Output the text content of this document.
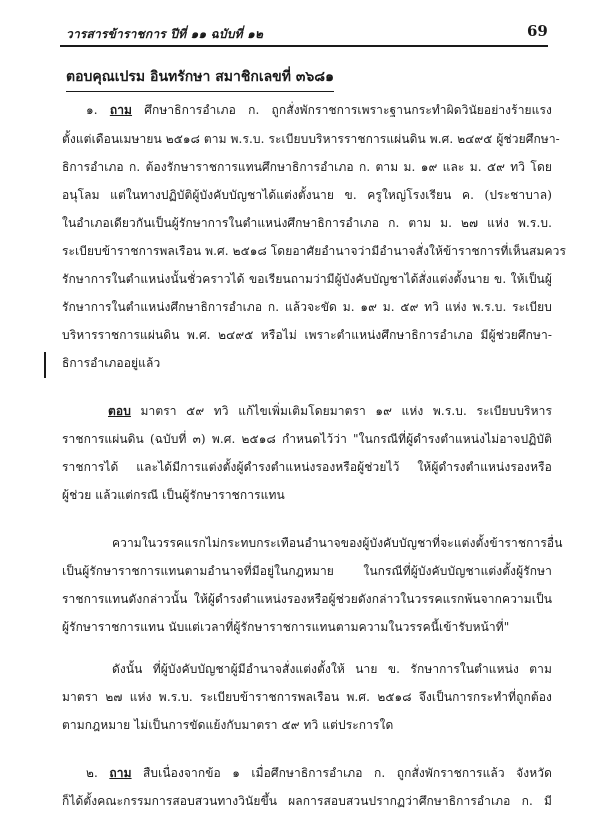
วารสารข้าราชการ ปีที่ ๑๑ ฉบับที่ ๑๒	69
ตอบคุณเปรม อินทรักษา สมาชิกเลขที่ ๓๖๘๑
๑. ถาม ศึกษาธิการอำเภอ ก. ถูกสั่งพักราชการเพราะฐานกระทำผิดวินัยอย่างร้ายแรง
ตั้งแต่เดือนเมษายน ๒๕๑๘ ตาม พ.ร.บ. ระเบียบบริหารราชการแผ่นดิน พ.ศ. ๒๔๙๕ ผู้ช่วยศึกษา-
ธิการอำเภอ ก. ต้องรักษาราชการแทนศึกษาธิการอำเภอ ก. ตาม ม. ๑๙ และ ม. ๕๙ ทวิ โดย
อนุโลม แต่ในทางปฏิบัติผู้บังคับบัญชาได้แต่งตั้งนาย ข. ครูใหญ่โรงเรียน ค. (ประชาบาล)
ในอำเภอเดียวกันเป็นผู้รักษาการในตำแหน่งศึกษาธิการอำเภอ ก. ตาม ม. ๒๗ แห่ง พ.ร.บ.
ระเบียบข้าราชการพลเรือน พ.ศ. ๒๕๑๘ โดยอาศัยอำนาจว่ามีอำนาจสั่งให้ข้าราชการที่เห็นสมควร
รักษาการในตำแหน่งนั้นชั่วคราวได้ ขอเรียนถามว่ามีผู้บังคับบัญชาได้สั่งแต่งตั้งนาย ข. ให้เป็นผู้
รักษาการในตำแหน่งศึกษาธิการอำเภอ ก. แล้วจะขัด ม. ๑๙ ม. ๕๙ ทวิ แห่ง พ.ร.บ. ระเบียบ
บริหารราชการแผ่นดิน พ.ศ. ๒๔๙๕ หรือไม่ เพราะตำแหน่งศึกษาธิการอำเภอ มีผู้ช่วยศึกษา-
ธิการอำเภออยู่แล้ว
ตอบ มาตรา ๕๙ ทวิ แก้ไขเพิ่มเติมโดยมาตรา ๑๙ แห่ง พ.ร.บ. ระเบียบบริหาร
ราชการแผ่นดิน (ฉบับที่ ๓) พ.ศ. ๒๕๑๘ กำหนดไว้ว่า "ในกรณีที่ผู้ดำรงตำแหน่งไม่อาจปฏิบัติ
ราชการได้ และได้มีการแต่งตั้งผู้ดำรงตำแหน่งรองหรือผู้ช่วยไว้ ให้ผู้ดำรงตำแหน่งรองหรือ
ผู้ช่วย แล้วแต่กรณี เป็นผู้รักษาราชการแทน
ความในวรรคแรกไม่กระทบกระเทือนอำนาจของผู้บังคับบัญชาที่จะแต่งตั้งข้าราชการอื่น
เป็นผู้รักษาราชการแทนตามอำนาจที่มีอยู่ในกฎหมาย ในกรณีที่ผู้บังคับบัญชาแต่งตั้งผู้รักษา
ราชการแทนดังกล่าวนั้น ให้ผู้ดำรงตำแหน่งรองหรือผู้ช่วยดังกล่าวในวรรคแรกพ้นจากความเป็น
ผู้รักษาราชการแทน นับแต่เวลาที่ผู้รักษาราชการแทนตามความในวรรคนี้เข้ารับหน้าที่"
ดังนั้น ที่ผู้บังคับบัญชาผู้มีอำนาจสั่งแต่งตั้งให้ นาย ข. รักษาการในตำแหน่ง ตาม
มาตรา ๒๗ แห่ง พ.ร.บ. ระเบียบข้าราชการพลเรือน พ.ศ. ๒๕๑๘ จึงเป็นการกระทำที่ถูกต้อง
ตามกฎหมาย ไม่เป็นการขัดแย้งกับมาตรา ๕๙ ทวิ แต่ประการใด
๒. ถาม สืบเนื่องจากข้อ ๑ เมื่อศึกษาธิการอำเภอ ก. ถูกสั่งพักราชการแล้ว จังหวัด
ก็ได้ตั้งคณะกรรมการสอบสวนทางวินัยขึ้น ผลการสอบสวนปรากฏว่าศึกษาธิการอำเภอ ก. มี
